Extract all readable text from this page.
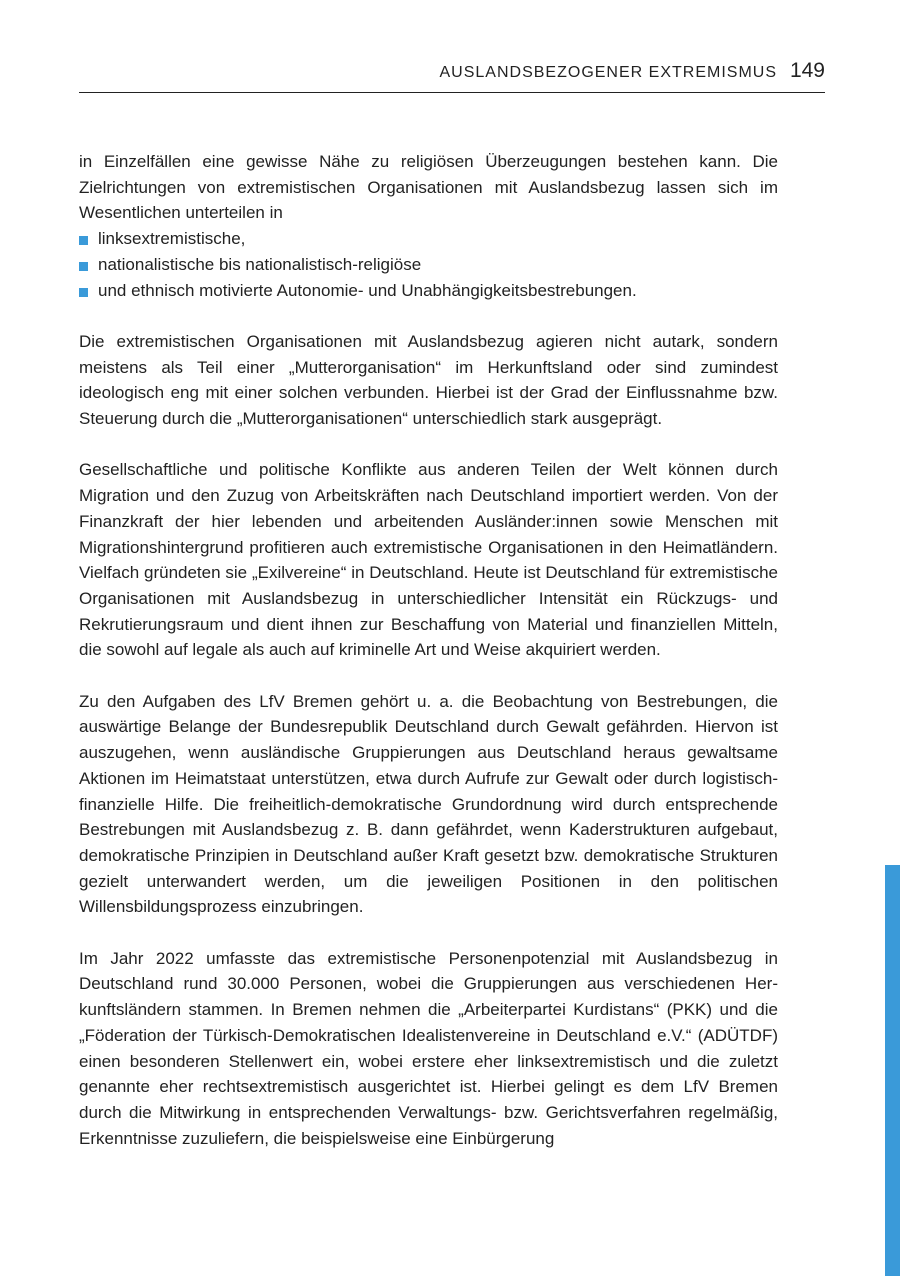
AUSLANDSBEZOGENER EXTREMISMUS 149

in Einzelfällen eine gewisse Nähe zu religiösen Überzeugungen bestehen kann. Die Zielrichtungen von extremistischen Organisationen mit Auslandsbezug lassen sich im Wesentlichen unterteilen in

linksextremistische,
nationalistische bis nationalistisch-religiöse
und ethnisch motivierte Autonomie- und Unabhängigkeitsbestrebungen.

Die extremistischen Organisationen mit Auslandsbezug agieren nicht autark, sondern meistens als Teil einer „Mutterorganisation“ im Herkunftsland oder sind zumindest ideologisch eng mit einer solchen verbunden. Hierbei ist der Grad der Einflussnahme bzw. Steuerung durch die „Mutterorganisationen“ unterschiedlich stark ausgeprägt.

Gesellschaftliche und politische Konflikte aus anderen Teilen der Welt können durch Migration und den Zuzug von Arbeitskräften nach Deutschland importiert werden. Von der Finanzkraft der hier lebenden und arbeitenden Ausländer:innen sowie Menschen mit Migrationshintergrund profitieren auch extremistische Organisationen in den Heimatländern. Vielfach gründeten sie „Exilvereine“ in Deutschland. Heute ist Deutschland für extremistische Organisationen mit Auslandsbezug in unterschiedlicher Intensität ein Rückzugs- und Rekrutierungsraum und dient ihnen zur Beschaffung von Material und finanziellen Mitteln, die sowohl auf legale als auch auf kriminelle Art und Weise akquiriert werden.

Zu den Aufgaben des LfV Bremen gehört u. a. die Beobachtung von Bestrebungen, die auswärtige Belange der Bundesrepublik Deutschland durch Gewalt gefährden. Hiervon ist auszugehen, wenn ausländische Gruppierungen aus Deutschland heraus gewaltsame Aktionen im Heimatstaat unterstützen, etwa durch Aufrufe zur Gewalt oder durch logistisch-finanzielle Hilfe. Die freiheitlich-demokratische Grundordnung wird durch entsprechende Bestrebungen mit Auslandsbezug z. B. dann gefährdet, wenn Kaderstrukturen aufgebaut, demokratische Prinzipien in Deutschland außer Kraft gesetzt bzw. demokratische Strukturen gezielt unterwandert werden, um die jeweiligen Positionen in den politischen Willensbildungsprozess einzubringen.

Im Jahr 2022 umfasste das extremistische Personenpotenzial mit Auslandsbezug in Deutschland rund 30.000 Personen, wobei die Gruppierungen aus verschiedenen Herkunftsländern stammen. In Bremen nehmen die „Arbeiterpartei Kurdistans“ (PKK) und die „Föderation der Türkisch-Demokratischen Idealistenvereine in Deutschland e.V.“ (ADÜTDF) einen besonderen Stellenwert ein, wobei erstere eher linksextremistisch und die zuletzt genannte eher rechtsextremistisch ausgerichtet ist. Hierbei gelingt es dem LfV Bremen durch die Mitwirkung in entsprechenden Verwaltungs- bzw. Gerichtsverfahren regelmäßig, Erkenntnisse zuzuliefern, die beispielsweise eine Einbürgerung
